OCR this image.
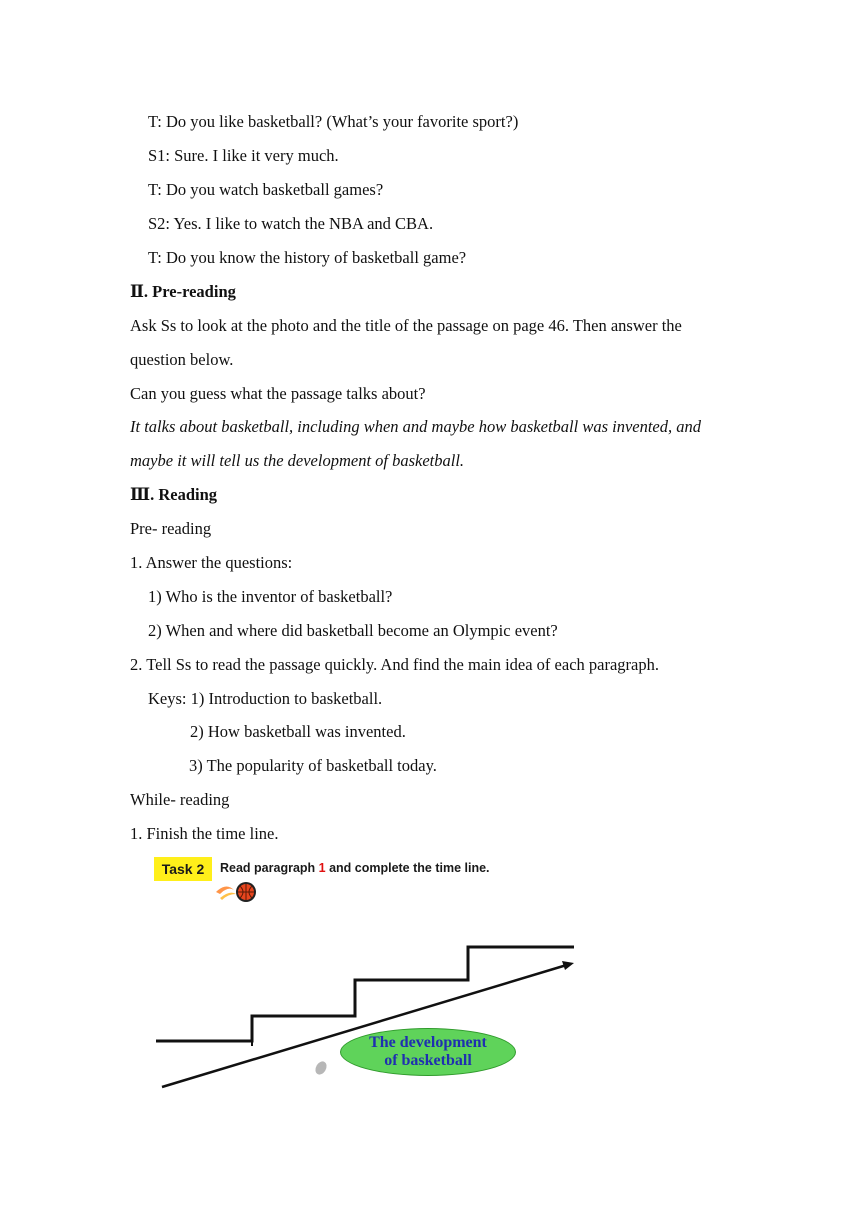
T: Do you like basketball? (What’s your favorite sport?)
S1: Sure. I like it very much.
T: Do you watch basketball games?
S2: Yes. I like to watch the NBA and CBA.
T: Do you know the history of basketball game?
Ⅱ. Pre-reading
Ask Ss to look at the photo and the title of the passage on page 46. Then answer the
question below.
Can you guess what the passage talks about?
It talks about basketball, including when and maybe how basketball was invented, and
maybe it will tell us the development of basketball.
Ⅲ. Reading
Pre- reading
1. Answer the questions:
1) Who is the inventor of basketball?
2) When and where did basketball become an Olympic event?
2. Tell Ss to read the passage quickly. And find the main idea of each paragraph.
Keys: 1) Introduction to basketball.
2) How basketball was invented.
3) The popularity of basketball today.
While- reading
1. Finish the time line.
Task 2	Read paragraph 1 and complete the time line.
The development
of basketball
